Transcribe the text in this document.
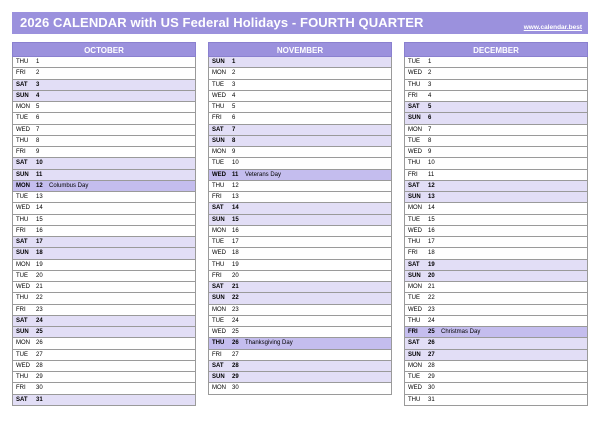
2026 CALENDAR with US Federal Holidays - FOURTH QUARTER	www.calendar.best
OCTOBER
THU	1
FRI	2
SAT	3
SUN	4
MON	5
TUE	6
WED	7
THU	8
FRI	9
SAT	10
SUN	11
MON	12	Columbus Day
TUE	13
WED	14
THU	15
FRI	16
SAT	17
SUN	18
MON	19
TUE	20
WED	21
THU	22
FRI	23
SAT	24
SUN	25
MON	26
TUE	27
WED	28
THU	29
FRI	30
SAT	31
NOVEMBER
SUN	1
MON	2
TUE	3
WED	4
THU	5
FRI	6
SAT	7
SUN	8
MON	9
TUE	10
WED	11	Veterans Day
THU	12
FRI	13
SAT	14
SUN	15
MON	16
TUE	17
WED	18
THU	19
FRI	20
SAT	21
SUN	22
MON	23
TUE	24
WED	25
THU	26	Thanksgiving Day
FRI	27
SAT	28
SUN	29
MON	30
DECEMBER
TUE	1
WED	2
THU	3
FRI	4
SAT	5
SUN	6
MON	7
TUE	8
WED	9
THU	10
FRI	11
SAT	12
SUN	13
MON	14
TUE	15
WED	16
THU	17
FRI	18
SAT	19
SUN	20
MON	21
TUE	22
WED	23
THU	24
FRI	25	Christmas Day
SAT	26
SUN	27
MON	28
TUE	29
WED	30
THU	31
